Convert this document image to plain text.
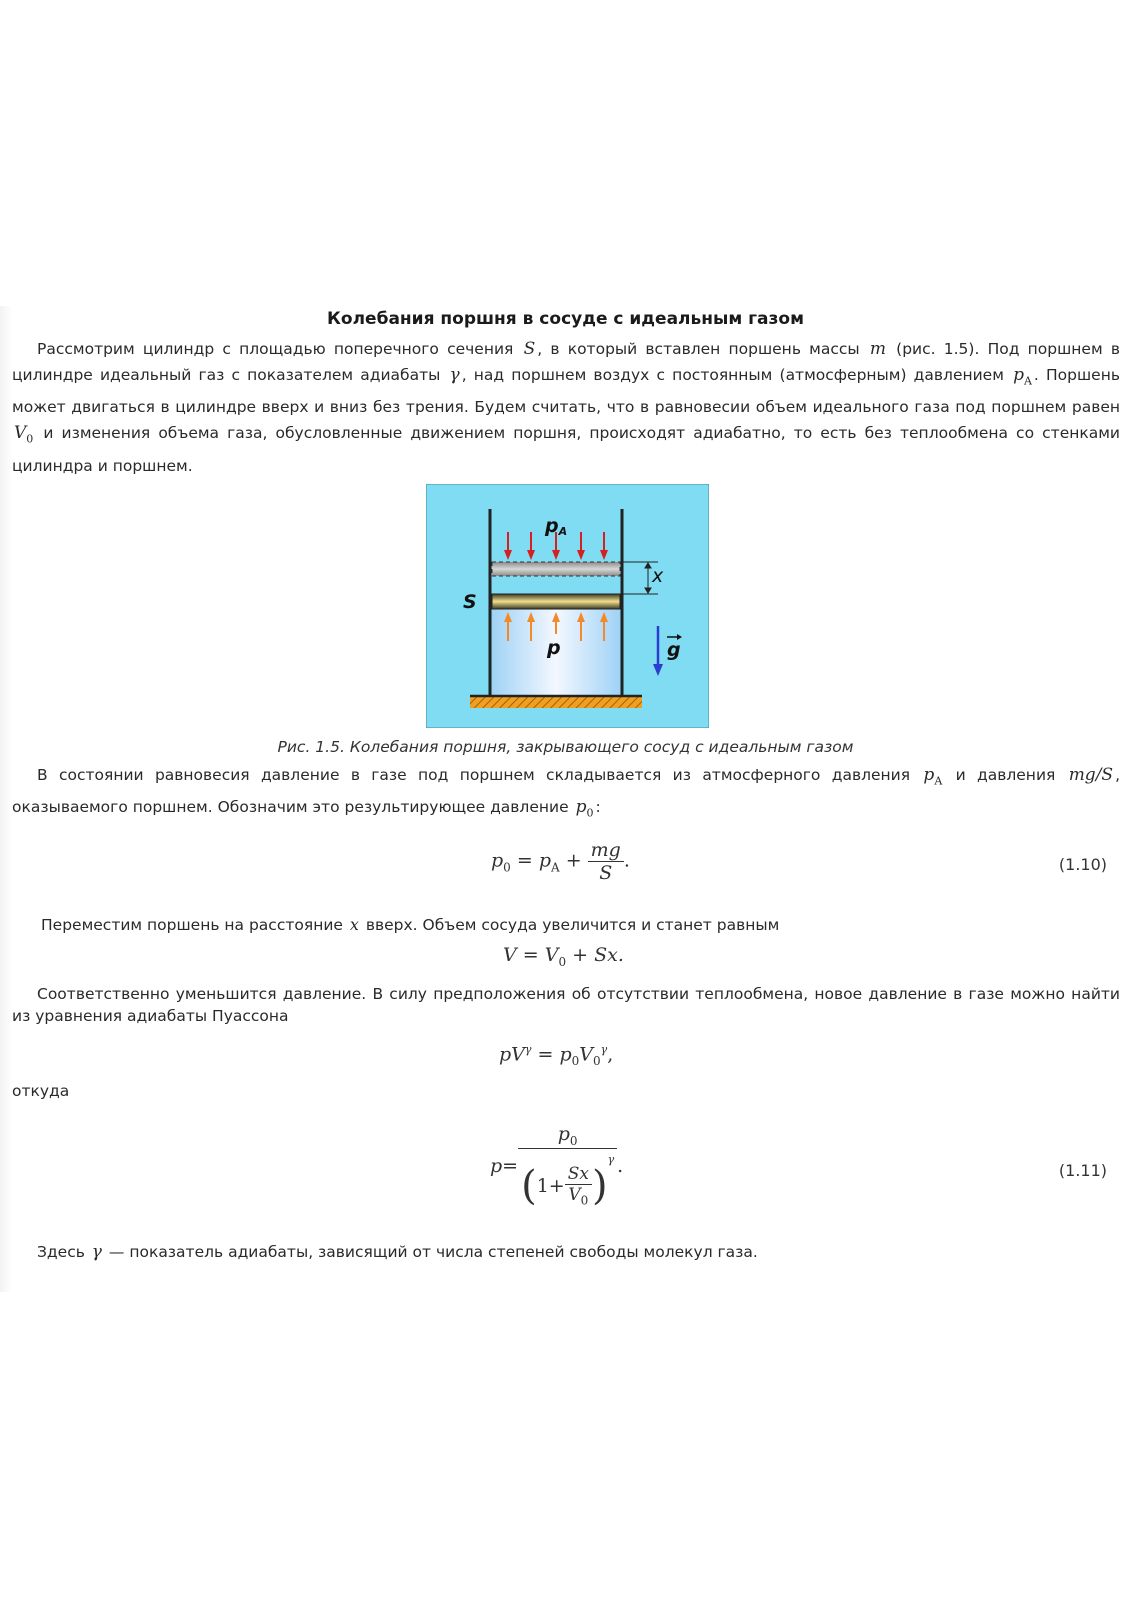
Колебания поршня в сосуде с идеальным газом
Рассмотрим цилиндр с площадью поперечного сечения S , в который вставлен поршень массы m (рис. 1.5). Под поршнем в цилиндре идеальный газ с показателем адиабаты γ , над поршнем воздух с постоянным (атмосферным) давлением $p_A$ . Поршень может двигаться в цилиндре вверх и вниз без трения. Будем считать, что в равновесии объем идеального газа под поршнем равен $V_0$ и изменения объема газа, обусловленные движением поршня, происходят адиабатно, то есть без теплообмена со стенками цилиндра и поршнем.
pA
x
S
p	g
Рис. 1.5. Колебания поршня, закрывающего сосуд с идеальным газом
В состоянии равновесия давление в газе под поршнем складывается из атмосферного давления $p_A$ и давления mg/S , оказываемого поршнем. Обозначим это результирующее давление $p_0$ :
$p_0 = p_A + \frac{mg}{S}$ .	(1.10)
Переместим поршень на расстояние x вверх. Объем сосуда увеличится и станет равным
$V = V_0 + Sx$.
Соответственно уменьшится давление. В силу предположения об отсутствии теплообмена, новое давление в газе можно найти из уравнения адиабаты Пуассона
$pV^\gamma = p_0V_0^\gamma$,
откуда
$p= \frac{p_0}{(1+ \frac{Sx}{V_0} )^\gamma}$ .	(1.11)
Здесь γ — показатель адиабаты, зависящий от числа степеней свободы молекул газа.
